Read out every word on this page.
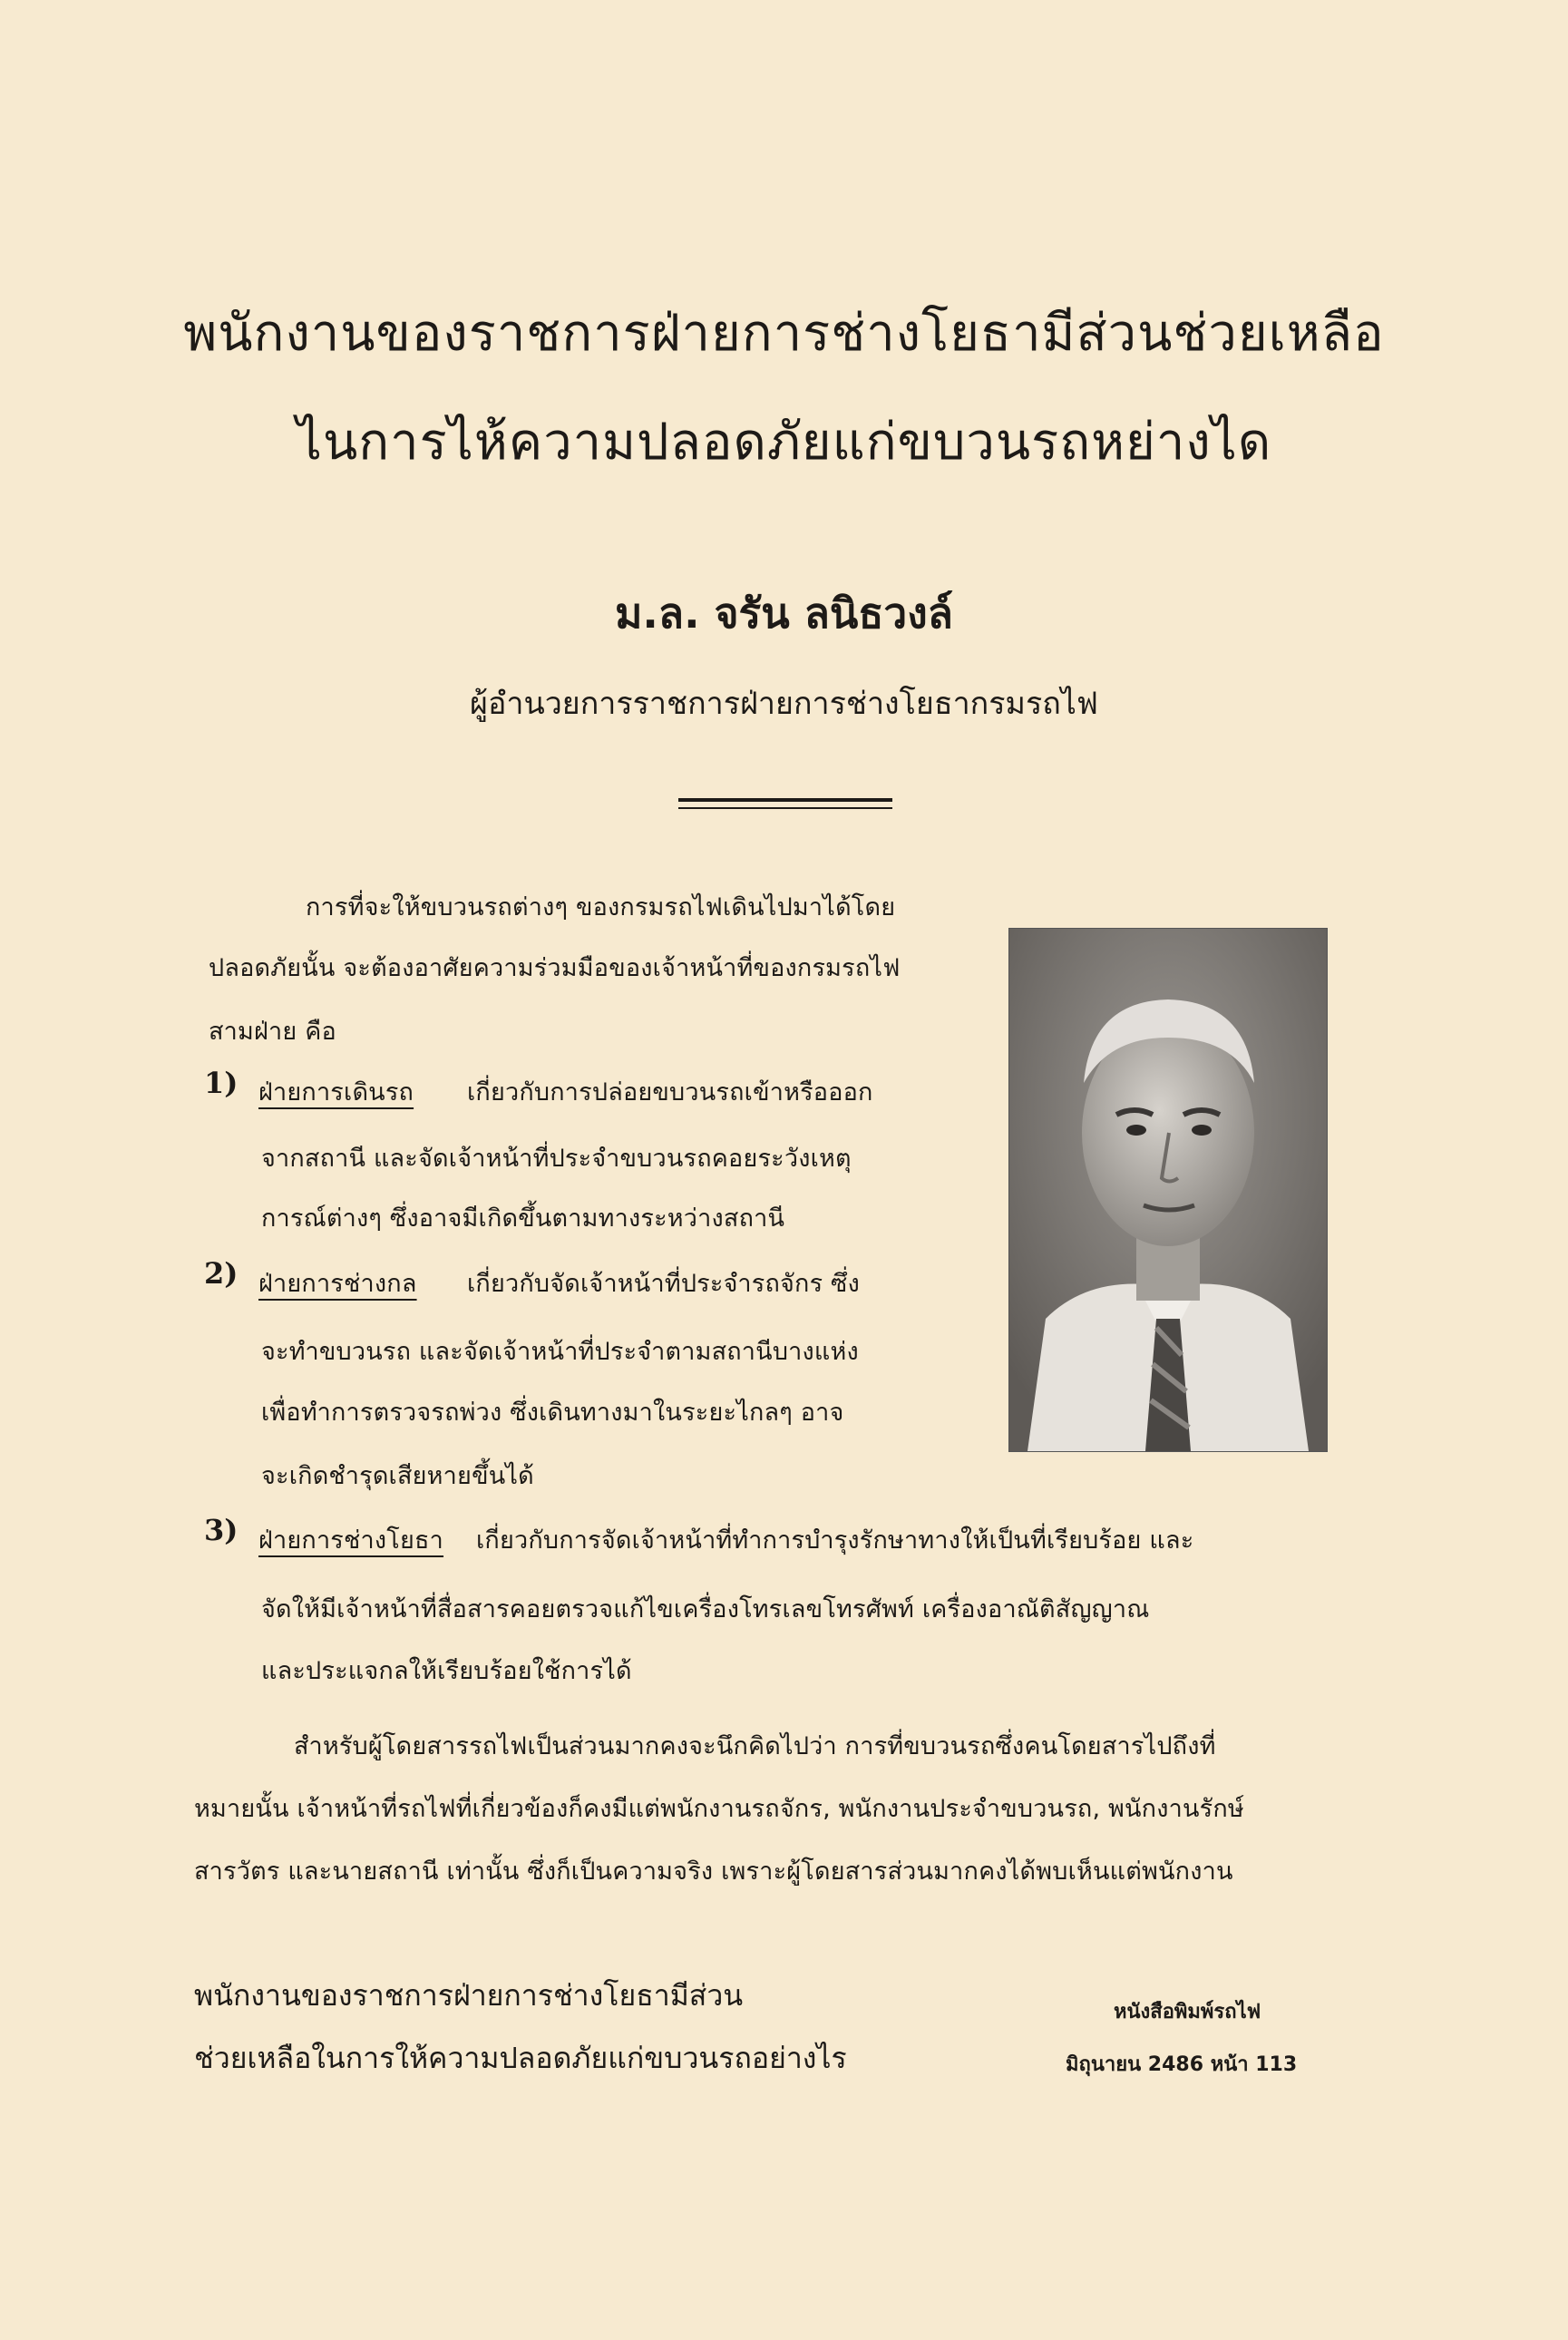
พนักงานของราชการฝ่ายการช่างโยธามีส่วนช่วยเหลือ
ไนการไห้ความปลอดภัยแก่ขบวนรถหย่างได
ม.ล. จรัน ลนิธวงล์
ผู้อำนวยการราชการฝ่ายการช่างโยธากรมรถไฟ
การที่จะให้ขบวนรถต่างๆ ของกรมรถไฟเดินไปมาได้โดย
ปลอดภัยนั้น จะต้องอาศัยความร่วมมือของเจ้าหน้าที่ของกรมรถไฟ
สามฝ่าย คือ
1) ฝ่ายการเดินรถ เกี่ยวกับการปล่อยขบวนรถเข้าหรือออก
จากสถานี และจัดเจ้าหน้าที่ประจำขบวนรถคอยระวังเหตุ
การณ์ต่างๆ ซึ่งอาจมีเกิดขึ้นตามทางระหว่างสถานี
2) ฝ่ายการช่างกล เกี่ยวกับจัดเจ้าหน้าที่ประจำรถจักร ซึ่ง
จะทำขบวนรถ และจัดเจ้าหน้าที่ประจำตามสถานีบางแห่ง
เพื่อทำการตรวจรถพ่วง ซึ่งเดินทางมาในระยะไกลๆ อาจ
จะเกิดชำรุดเสียหายขึ้นได้
3) ฝ่ายการช่างโยธา เกี่ยวกับการจัดเจ้าหน้าที่ทำการบำรุงรักษาทางให้เป็นที่เรียบร้อย และ
จัดให้มีเจ้าหน้าที่สื่อสารคอยตรวจแก้ไขเครื่องโทรเลขโทรศัพท์ เครื่องอาณัติสัญญาณ
และประแจกลให้เรียบร้อยใช้การได้
สำหรับผู้โดยสารรถไฟเป็นส่วนมากคงจะนึกคิดไปว่า การที่ขบวนรถซึ่งคนโดยสารไปถึงที่
หมายนั้น เจ้าหน้าที่รถไฟที่เกี่ยวข้องก็คงมีแต่พนักงานรถจักร, พนักงานประจำขบวนรถ, พนักงานรักษ์
สารวัตร และนายสถานี เท่านั้น ซึ่งก็เป็นความจริง เพราะผู้โดยสารส่วนมากคงได้พบเห็นแต่พนักงาน
พนักงานของราชการฝ่ายการช่างโยธามีส่วน
ช่วยเหลือในการให้ความปลอดภัยแก่ขบวนรถอย่างไร
หนังสือพิมพ์รถไฟ
มิถุนายน 2486 หน้า 113
